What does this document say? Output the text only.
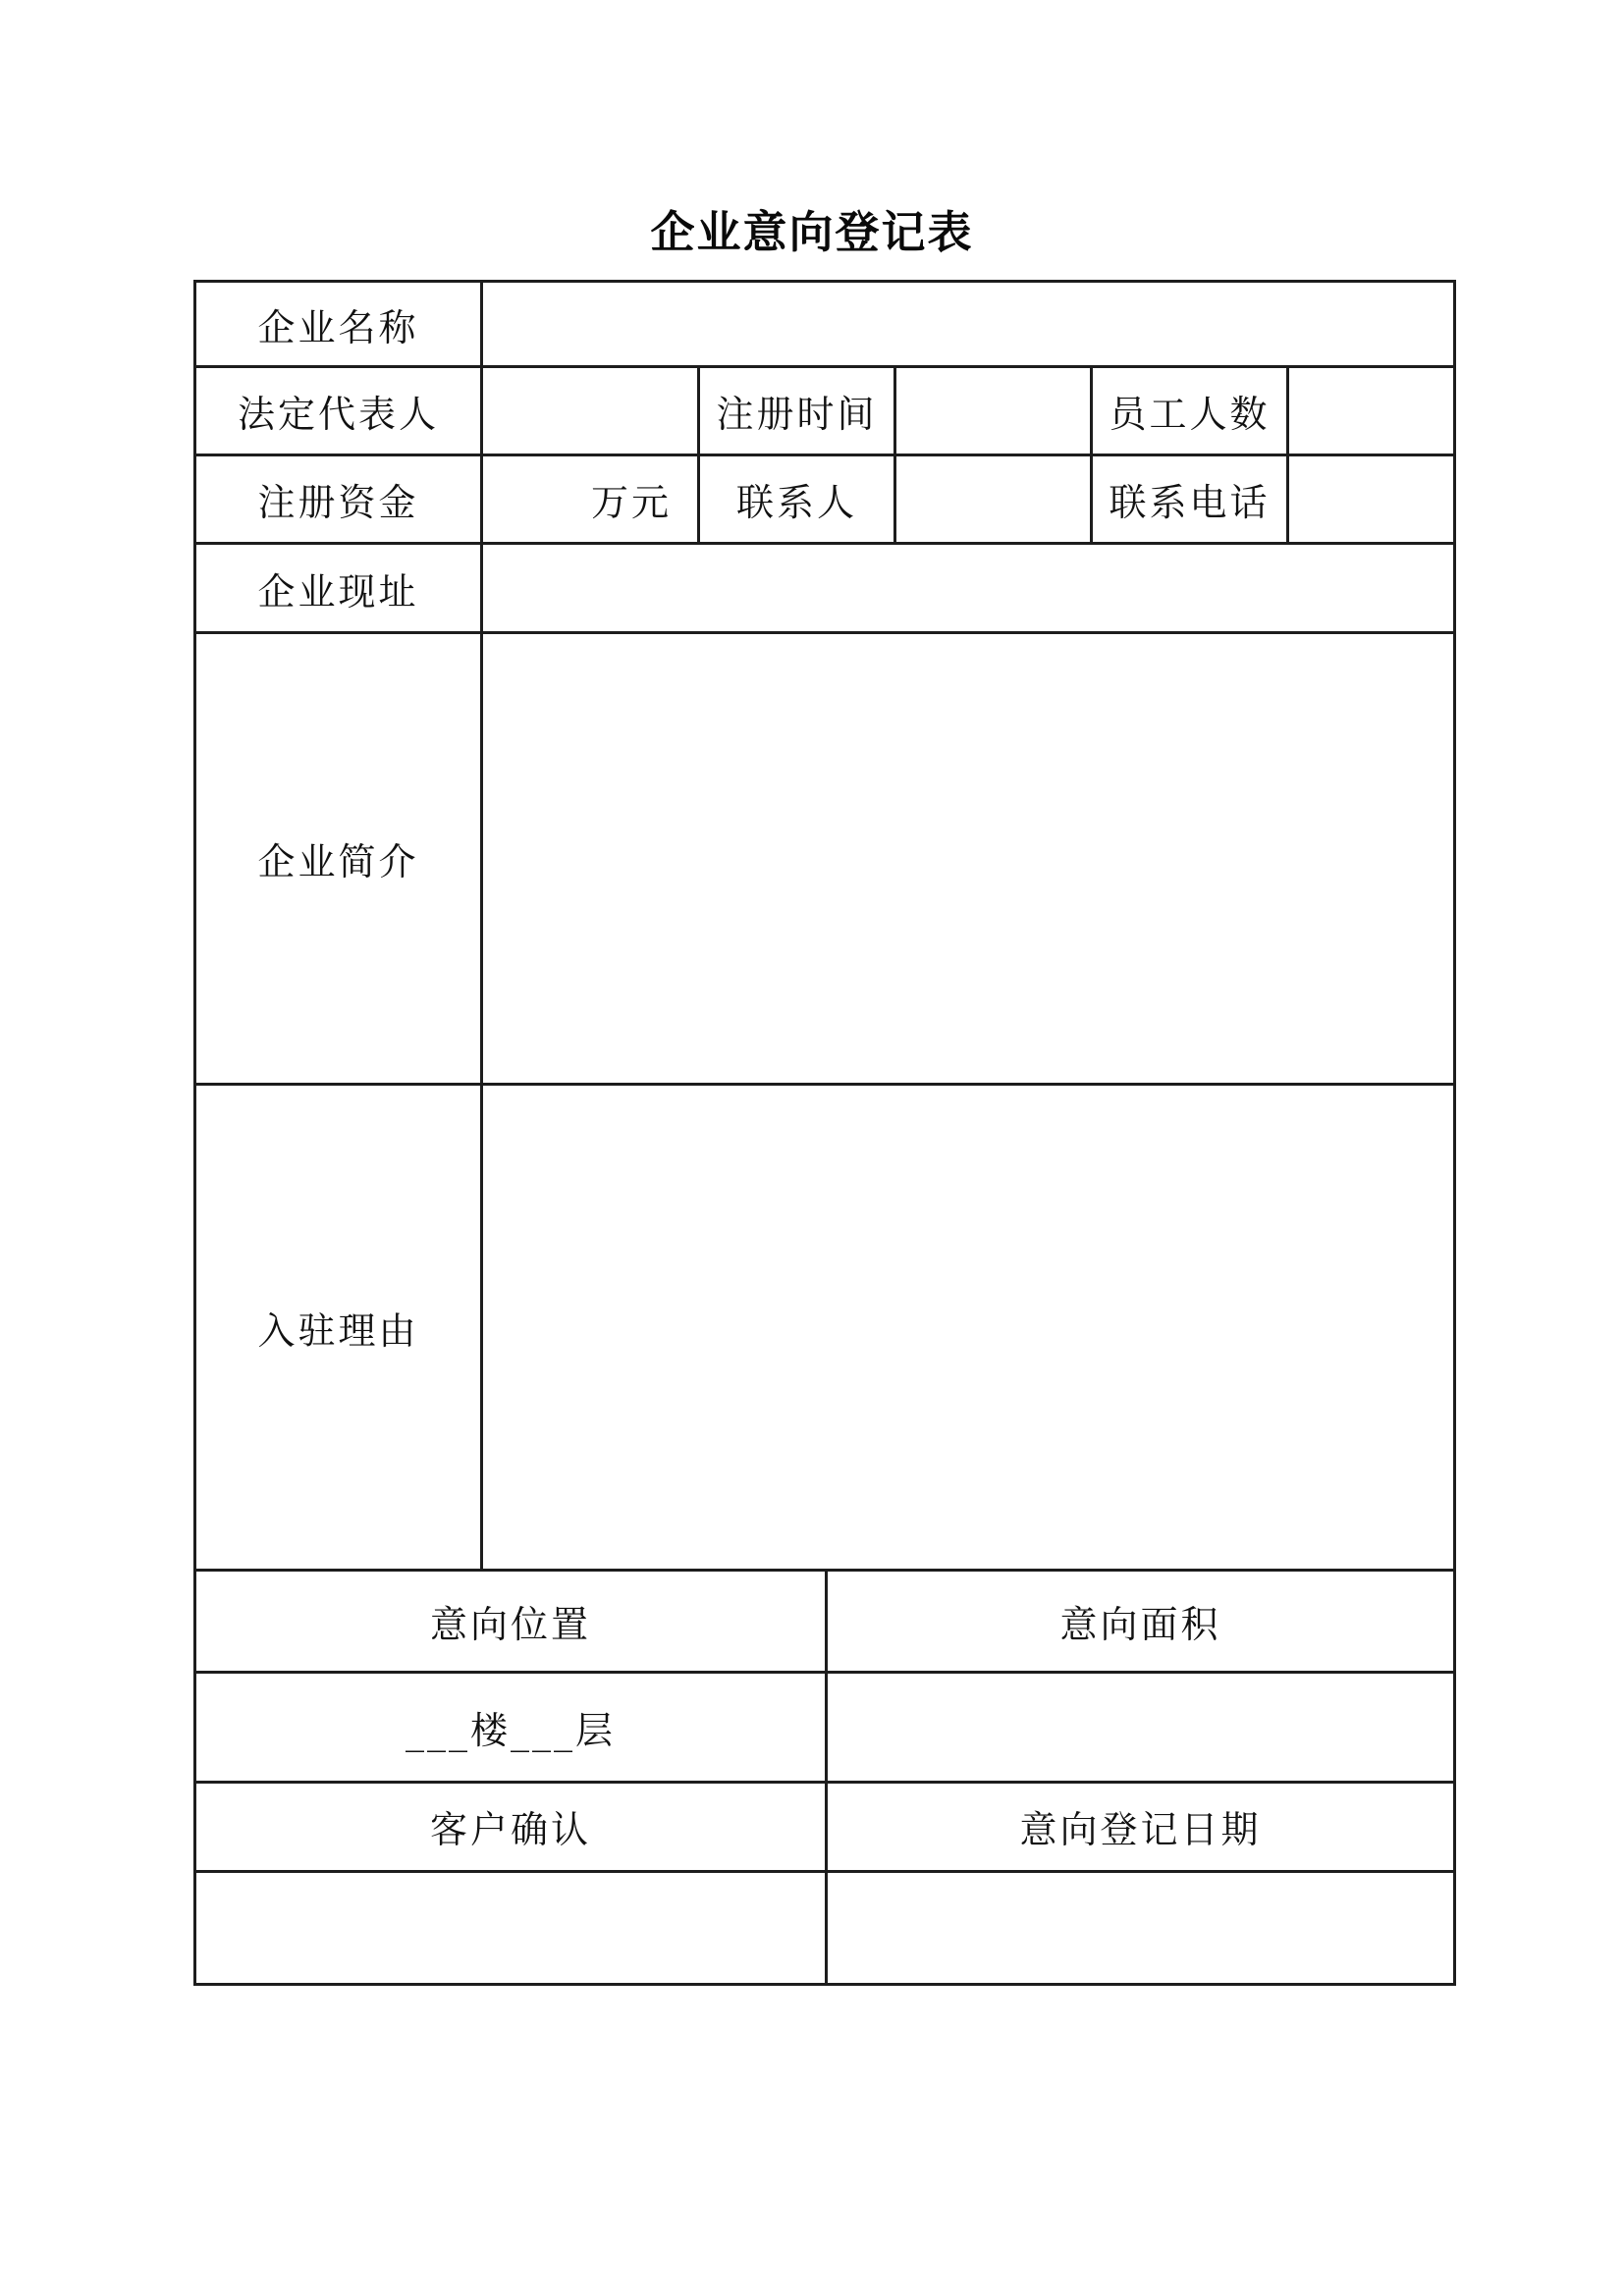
企业意向登记表
企业名称					
法定代表人		注册时间		员工人数	
注册资金	万元	联系人		联系电话	
企业现址					
企业简介					
入驻理由					
意向位置	意向面积
___楼___层	
客户确认	意向登记日期
